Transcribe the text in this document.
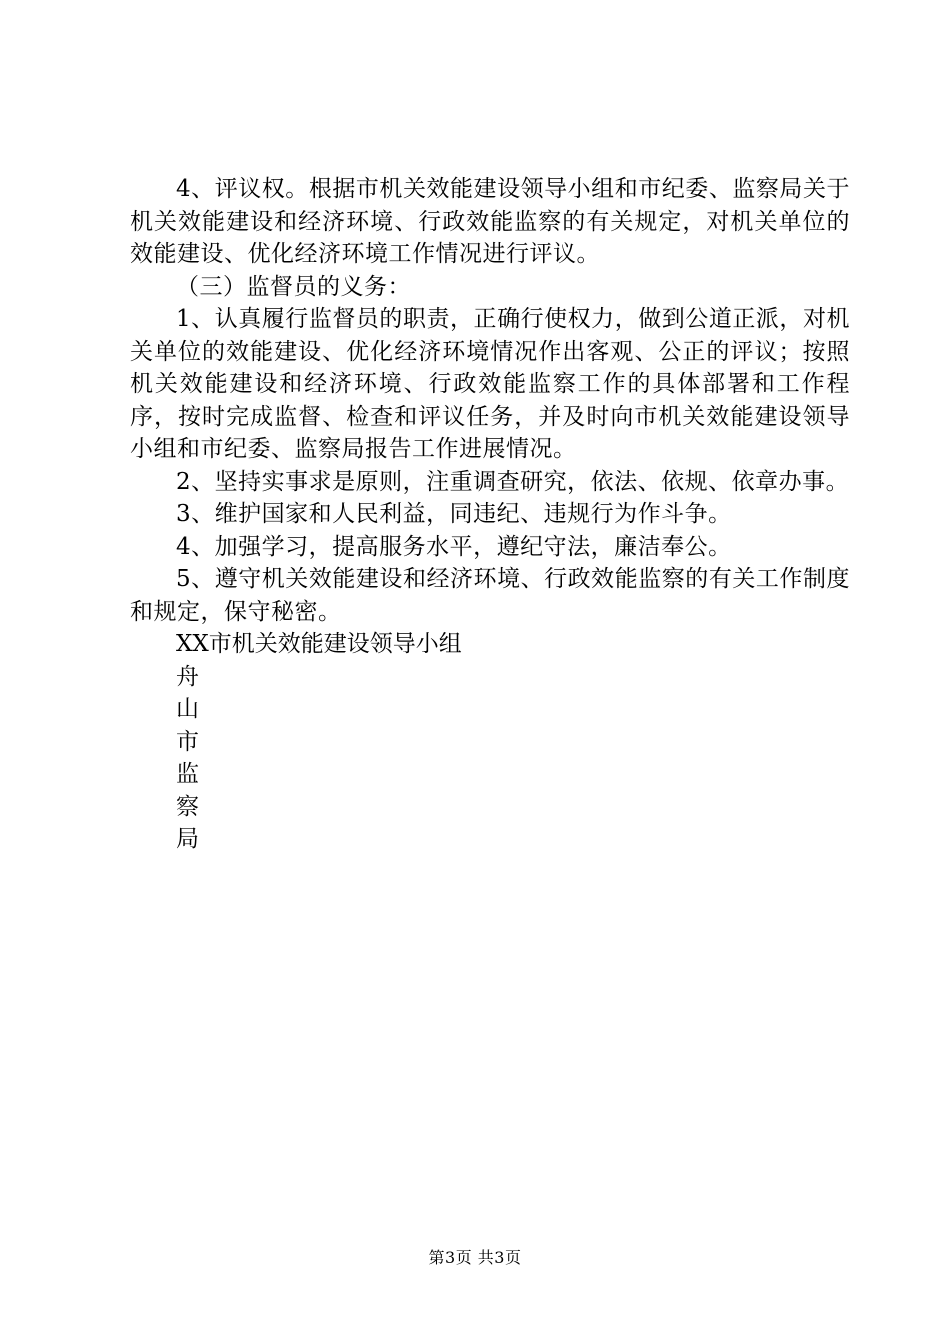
4、评议权。根据市机关效能建设领导小组和市纪委、监察局关于机关效能建设和经济环境、行政效能监察的有关规定，对机关单位的效能建设、优化经济环境工作情况进行评议。

（三）监督员的义务：

1、认真履行监督员的职责，正确行使权力，做到公道正派，对机关单位的效能建设、优化经济环境情况作出客观、公正的评议；按照机关效能建设和经济环境、行政效能监察工作的具体部署和工作程序，按时完成监督、检查和评议任务，并及时向市机关效能建设领导小组和市纪委、监察局报告工作进展情况。

2、坚持实事求是原则，注重调查研究，依法、依规、依章办事。

3、维护国家和人民利益，同违纪、违规行为作斗争。

4、加强学习，提高服务水平，遵纪守法，廉洁奉公。

5、遵守机关效能建设和经济环境、行政效能监察的有关工作制度和规定，保守秘密。

XX市机关效能建设领导小组

舟山市监察局

第3页 共3页
